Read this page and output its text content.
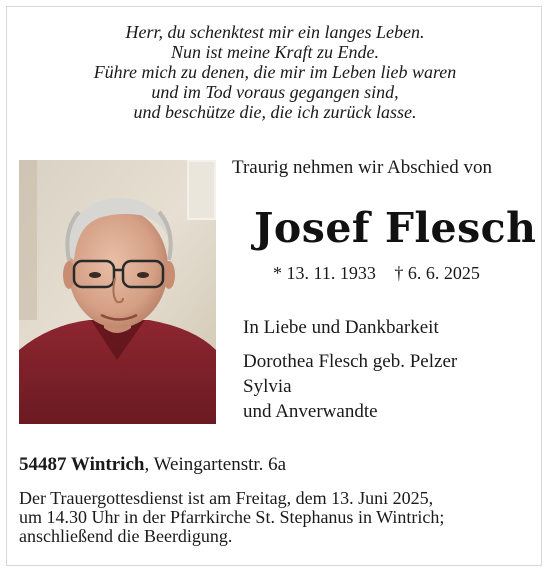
Herr, du schenktest mir ein langes Leben.
Nun ist meine Kraft zu Ende.
Führe mich zu denen, die mir im Leben lieb waren
und im Tod voraus gegangen sind,
und beschütze die, die ich zurück lasse.
Traurig nehmen wir Abschied von
Josef Flesch
* 13. 11. 1933 † 6. 6. 2025
In Liebe und Dankbarkeit
Dorothea Flesch geb. Pelzer
Sylvia
und Anverwandte
54487 Wintrich, Weingartenstr. 6a
Der Trauergottesdienst ist am Freitag, dem 13. Juni 2025,
um 14.30 Uhr in der Pfarrkirche St. Stephanus in Wintrich;
anschließend die Beerdigung.
